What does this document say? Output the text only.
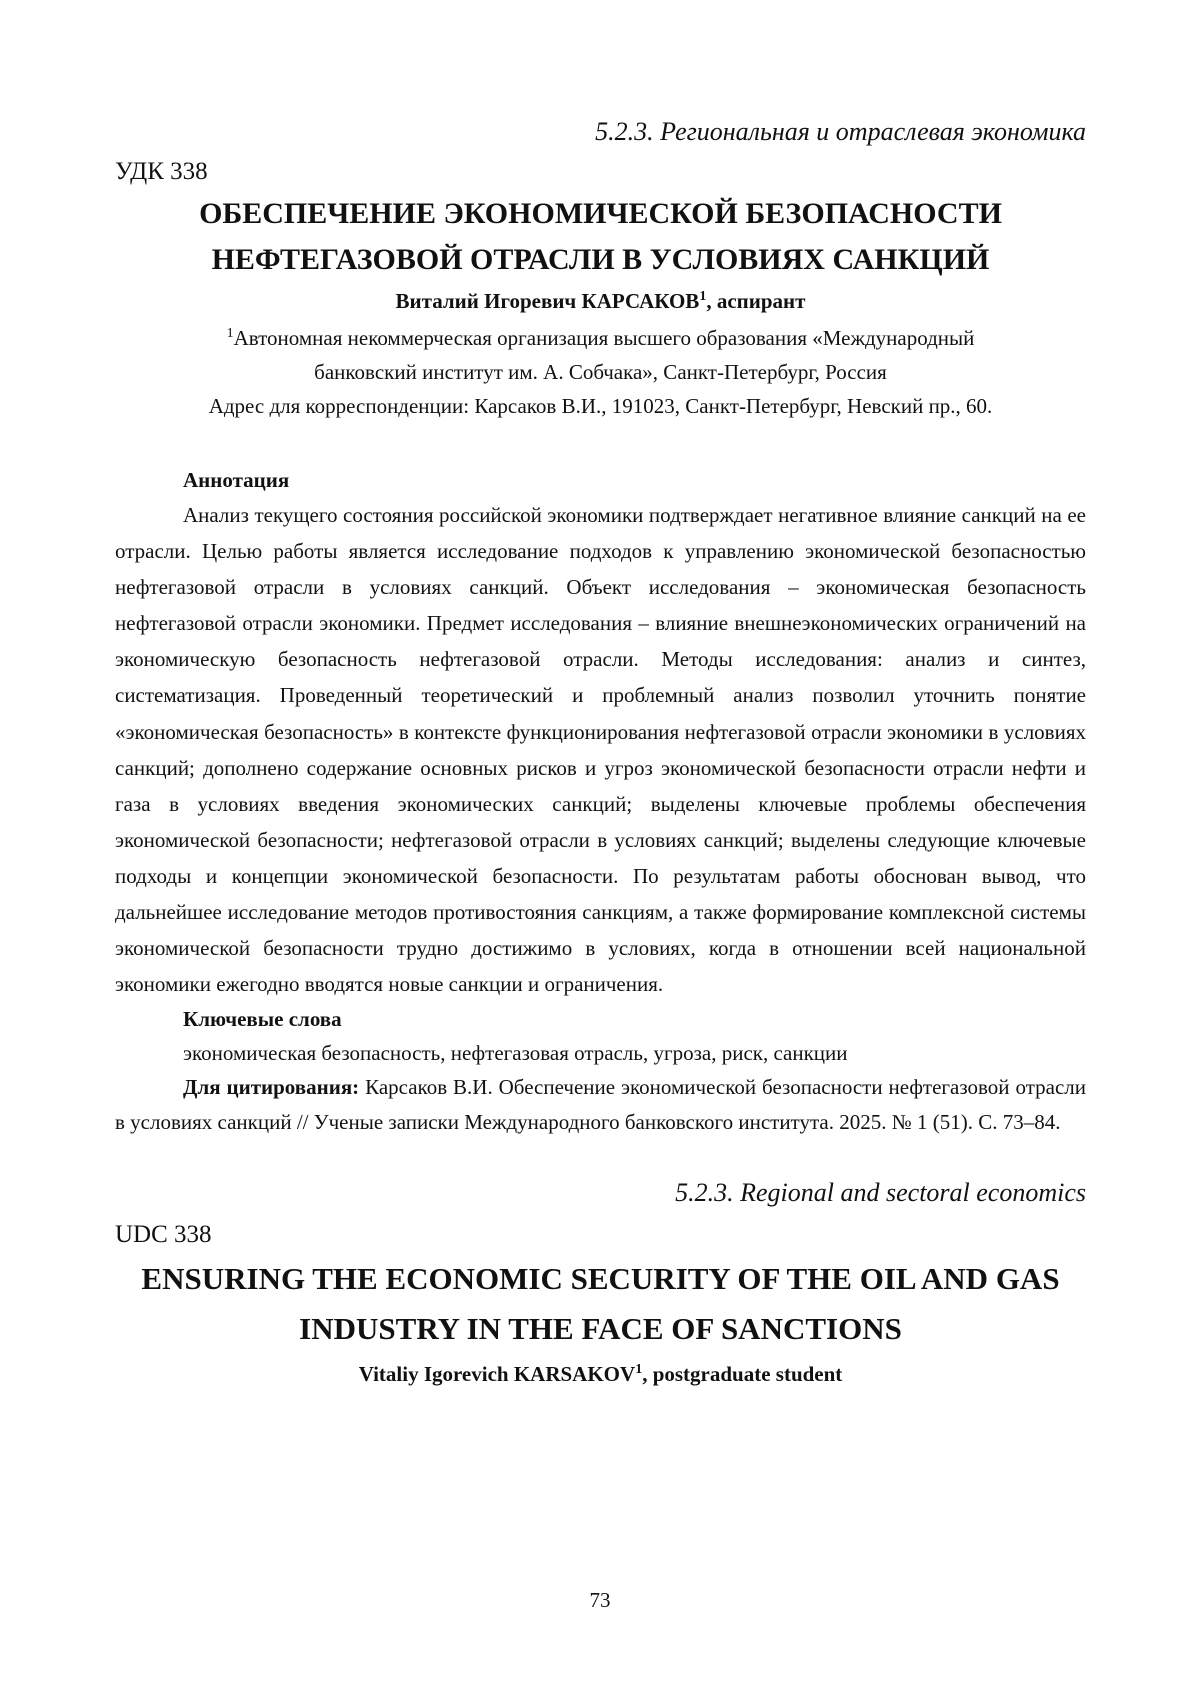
5.2.3. Региональная и отраслевая экономика

УДК 338

ОБЕСПЕЧЕНИЕ ЭКОНОМИЧЕСКОЙ БЕЗОПАСНОСТИ
НЕФТЕГАЗОВОЙ ОТРАСЛИ В УСЛОВИЯХ САНКЦИЙ

Виталий Игоревич КАРСАКОВ$^1$, аспирант

$^1$Автономная некоммерческая организация высшего образования «Международный

банковский институт им. А. Собчака», Санкт-Петербург, Россия

Адрес для корреспонденции: Карсаков В.И., 191023, Санкт-Петербург, Невский пр., 60.

Аннотация

Анализ текущего состояния российской экономики подтверждает негативное влияние санкций на ее отрасли. Целью работы является исследование подходов к управлению экономической безопасностью нефтегазовой отрасли в условиях санкций. Объект исследования – экономическая безопасность нефтегазовой отрасли экономики. Предмет исследования – влияние внешнеэкономических ограничений на экономическую безопасность нефтегазовой отрасли. Методы исследования: анализ и синтез, систематизация. Проведенный теоретический и проблемный анализ позволил уточнить понятие «экономическая безопасность» в контексте функционирования нефтегазовой отрасли экономики в условиях санкций; дополнено содержание основных рисков и угроз экономической безопасности отрасли нефти и газа в условиях введения экономических санкций; выделены ключевые проблемы обеспечения экономической безопасности; нефтегазовой отрасли в условиях санкций; выделены следующие ключевые подходы и концепции экономической безопасности. По результатам работы обоснован вывод, что дальнейшее исследование методов противостояния санкциям, а также формирование комплексной системы экономической безопасности трудно достижимо в условиях, когда в отношении всей национальной экономики ежегодно вводятся новые санкции и ограничения.

Ключевые слова

экономическая безопасность, нефтегазовая отрасль, угроза, риск, санкции

Для цитирования: Карсаков В.И. Обеспечение экономической безопасности нефтегазовой отрасли в условиях санкций // Ученые записки Международного банковского института. 2025. № 1 (51). С. 73–84.

5.2.3. Regional and sectoral economics

UDC 338

ENSURING THE ECONOMIC SECURITY OF THE OIL AND GAS
INDUSTRY IN THE FACE OF SANCTIONS

Vitaliy Igorevich KARSAKOV$^1$, postgraduate student

73
